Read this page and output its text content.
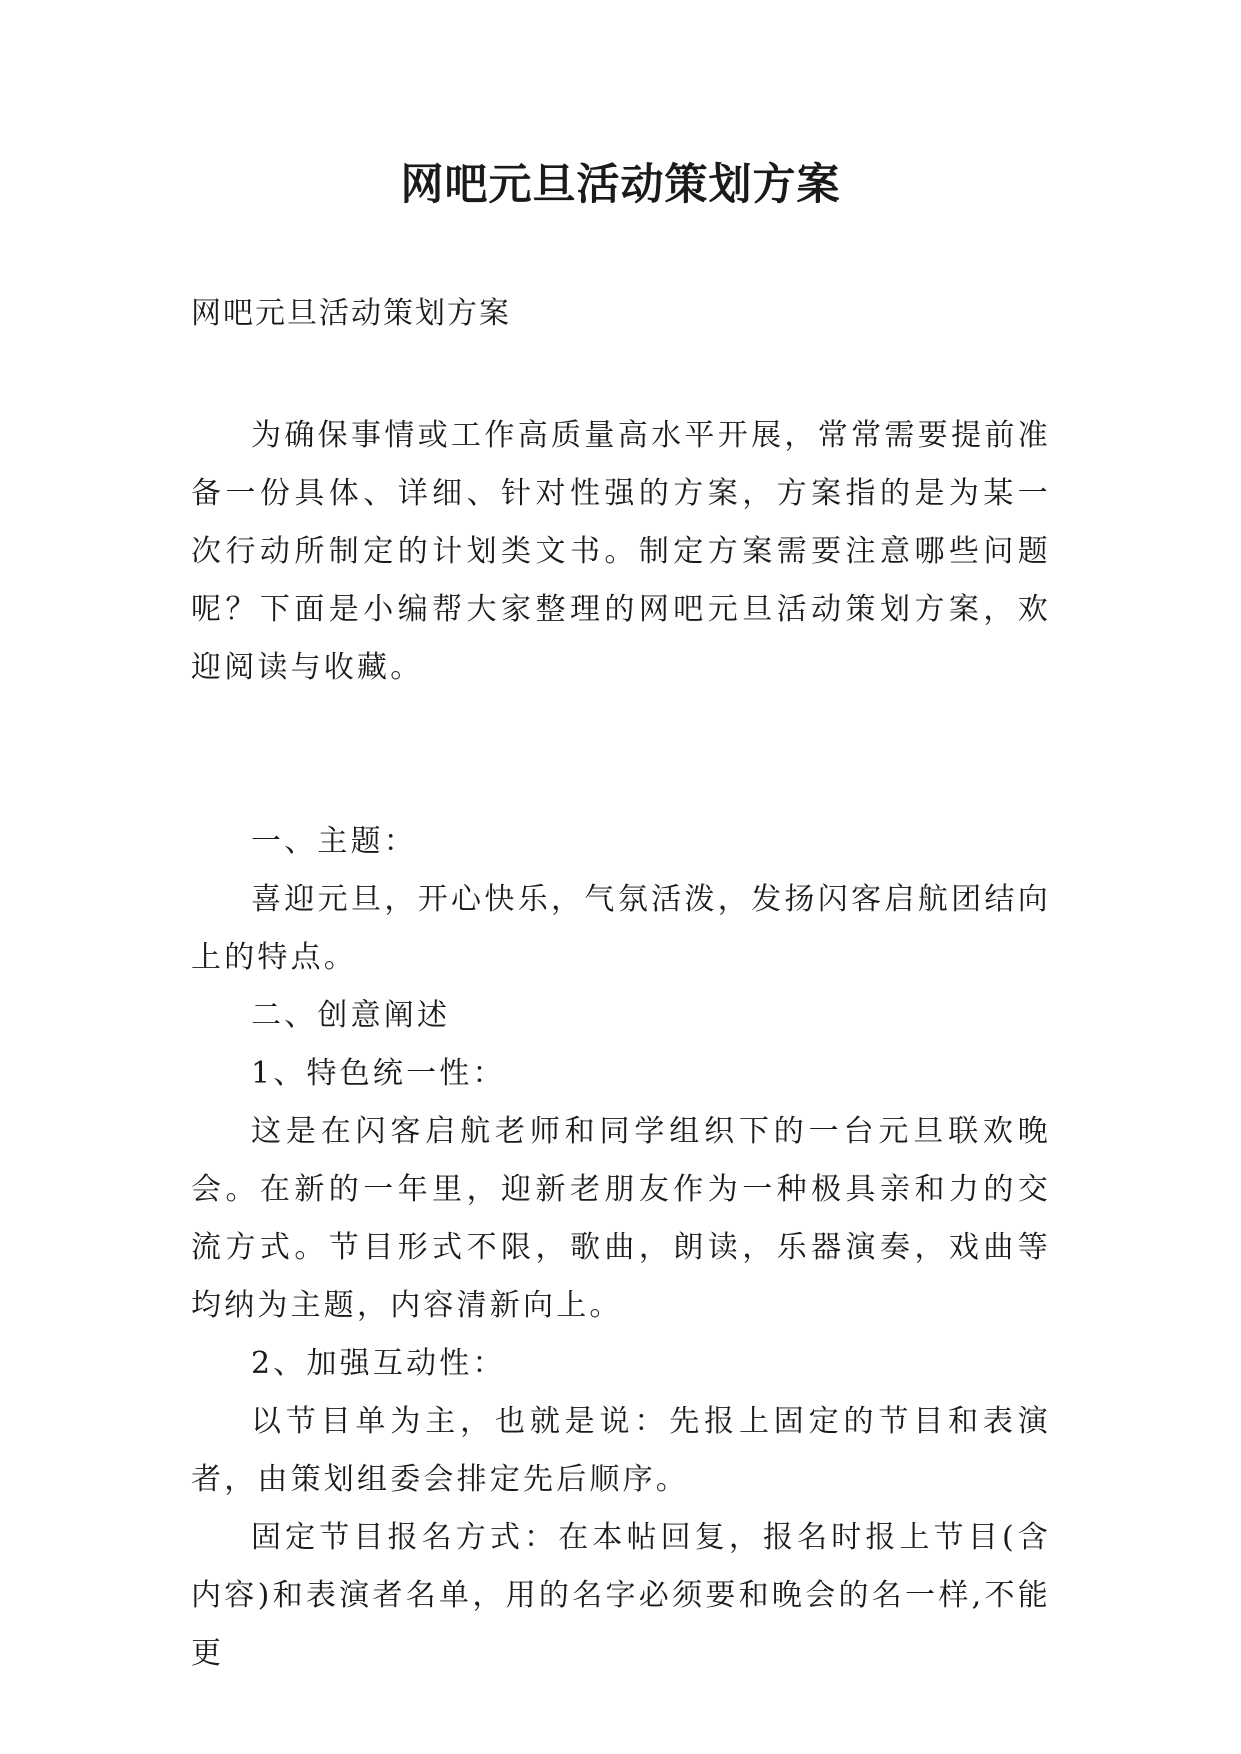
网吧元旦活动策划方案

网吧元旦活动策划方案

为确保事情或工作高质量高水平开展，常常需要提前准备一份具体、详细、针对性强的方案，方案指的是为某一次行动所制定的计划类文书。制定方案需要注意哪些问题呢？下面是小编帮大家整理的网吧元旦活动策划方案，欢迎阅读与收藏。

一、主题：

喜迎元旦，开心快乐，气氛活泼，发扬闪客启航团结向上的特点。

二、创意阐述

1、特色统一性：

这是在闪客启航老师和同学组织下的一台元旦联欢晚会。在新的一年里，迎新老朋友作为一种极具亲和力的交流方式。节目形式不限，歌曲，朗读，乐器演奏，戏曲等均纳为主题，内容清新向上。

2、加强互动性：

以节目单为主，也就是说：先报上固定的节目和表演者，由策划组委会排定先后顺序。

固定节目报名方式：在本帖回复，报名时报上节目(含内容)和表演者名单，用的名字必须要和晚会的名一样,不能更
